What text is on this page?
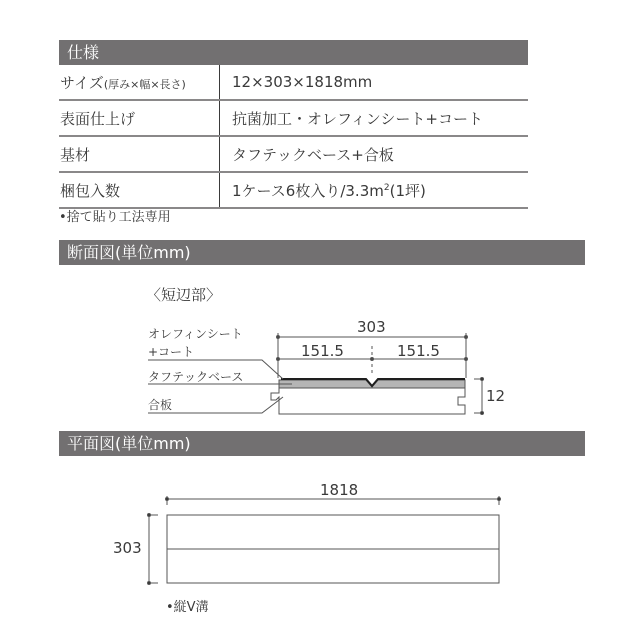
仕様
サイズ(厚み×幅×長さ)	12×303×1818mm
表面仕上げ	抗菌加工・オレフィンシート+コート
基材	タフテックベース+合板
梱包入数	1ケース6枚入り$/3.3m^2(1$坪)
•捨て貼り工法専用
断面図(単位mm)
〈短辺部〉
オレフィンシート
+コート
タフテックベース
合板
303
151.5	151.5
12
平面図(単位mm)
1818
303
•縦V溝
